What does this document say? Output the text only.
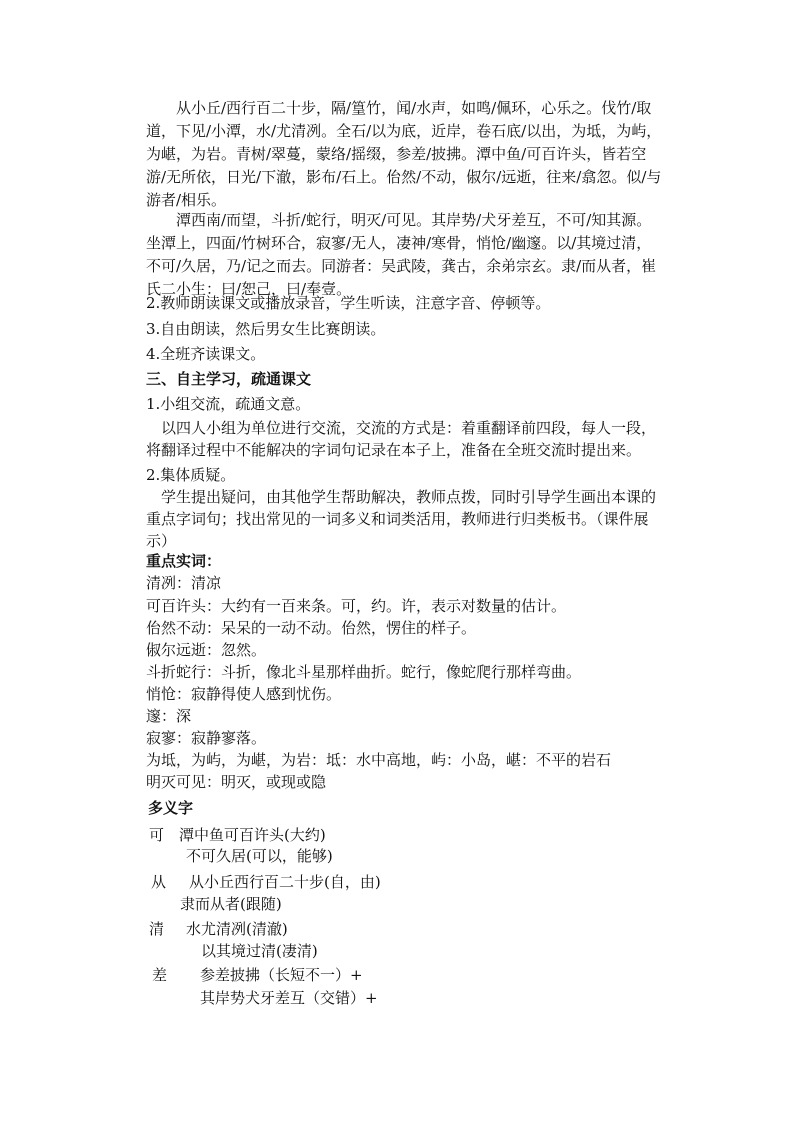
从小丘/西行百二十步，隔/篁竹，闻/水声，如鸣/佩环，心乐之。伐竹/取道，下见/小潭，水/尤清冽。全石/以为底，近岸，卷石底/以出，为坻，为屿，为嵁，为岩。青树/翠蔓，蒙络/摇缀，参差/披拂。潭中鱼/可百许头，皆若空游/无所依，日光/下澈，影布/石上。佁然/不动，俶尔/远逝，往来/翕忽。似/与游者/相乐。

潭西南/而望，斗折/蛇行，明灭/可见。其岸势/犬牙差互，不可/知其源。坐潭上，四面/竹树环合，寂寥/无人，凄神/寒骨，悄怆/幽邃。以/其境过清，不可/久居，乃/记之而去。同游者：吴武陵，龚古，余弟宗玄。隶/而从者，崔氏二小生：曰/恕己，曰/奉壹。

2.教师朗读课文或播放录音，学生听读，注意字音、停顿等。

3.自由朗读，然后男女生比赛朗读。

4.全班齐读课文。

三、自主学习，疏通课文

1.小组交流，疏通文意。

以四人小组为单位进行交流，交流的方式是：着重翻译前四段，每人一段，将翻译过程中不能解决的字词句记录在本子上，准备在全班交流时提出来。

2.集体质疑。

学生提出疑问，由其他学生帮助解决，教师点拨，同时引导学生画出本课的重点字词句；找出常见的一词多义和词类活用，教师进行归类板书。（课件展示）

重点实词：

清冽：清凉

可百许头：大约有一百来条。可，约。许，表示对数量的估计。

佁然不动：呆呆的一动不动。佁然，愣住的样子。

俶尔远逝：忽然。

斗折蛇行：斗折，像北斗星那样曲折。蛇行，像蛇爬行那样弯曲。

悄怆：寂静得使人感到忧伤。

邃：深

寂寥：寂静寥落。

为坻，为屿，为嵁，为岩：坻：水中高地，屿：小岛，嵁：不平的岩石

明灭可见：明灭，或现或隐

多义字

可 潭中鱼可百许头(大约)

不可久居(可以，能够)

从 从小丘西行百二十步(自，由)

隶而从者(跟随)

清 水尤清冽(清澈)

以其境过清(凄清)

差 参差披拂（长短不一）+

其岸势犬牙差互（交错）+
